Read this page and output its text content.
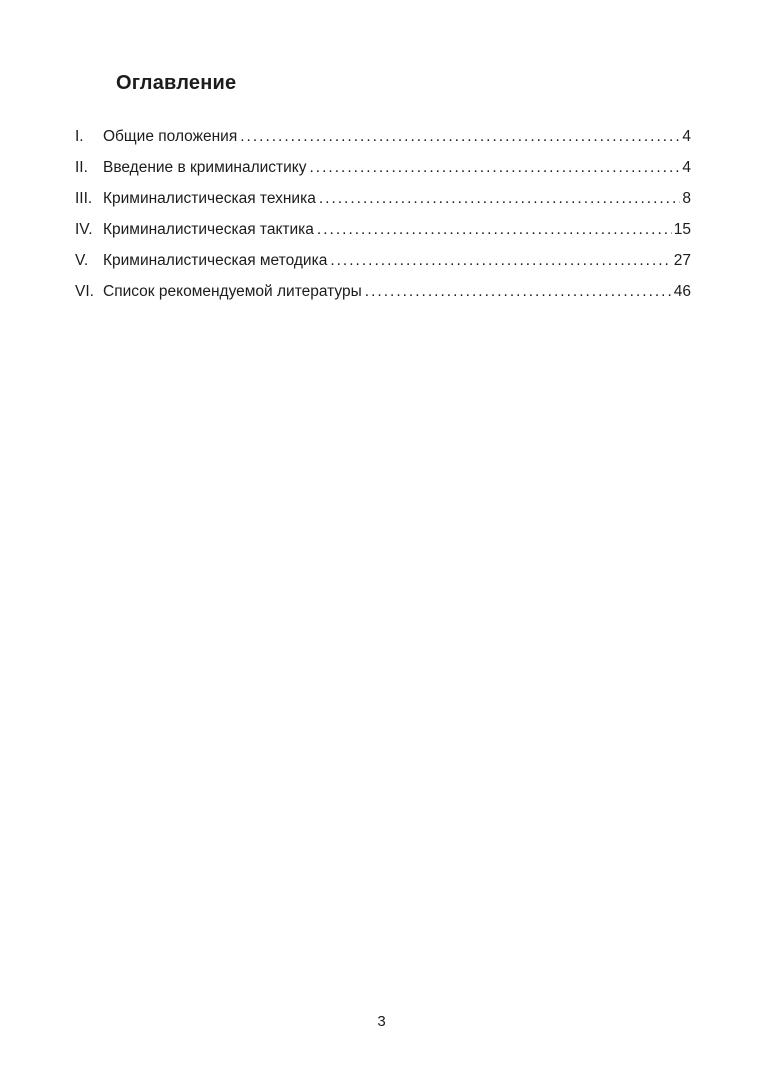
Оглавление
I.	Общие положения .....	4
II. Введение в криминалистику .....	4
III. Криминалистическая техника .....	8
IV. Криминалистическая тактика .....	15
V. Криминалистическая методика .....	27
VI. Список рекомендуемой литературы .....	46
3
